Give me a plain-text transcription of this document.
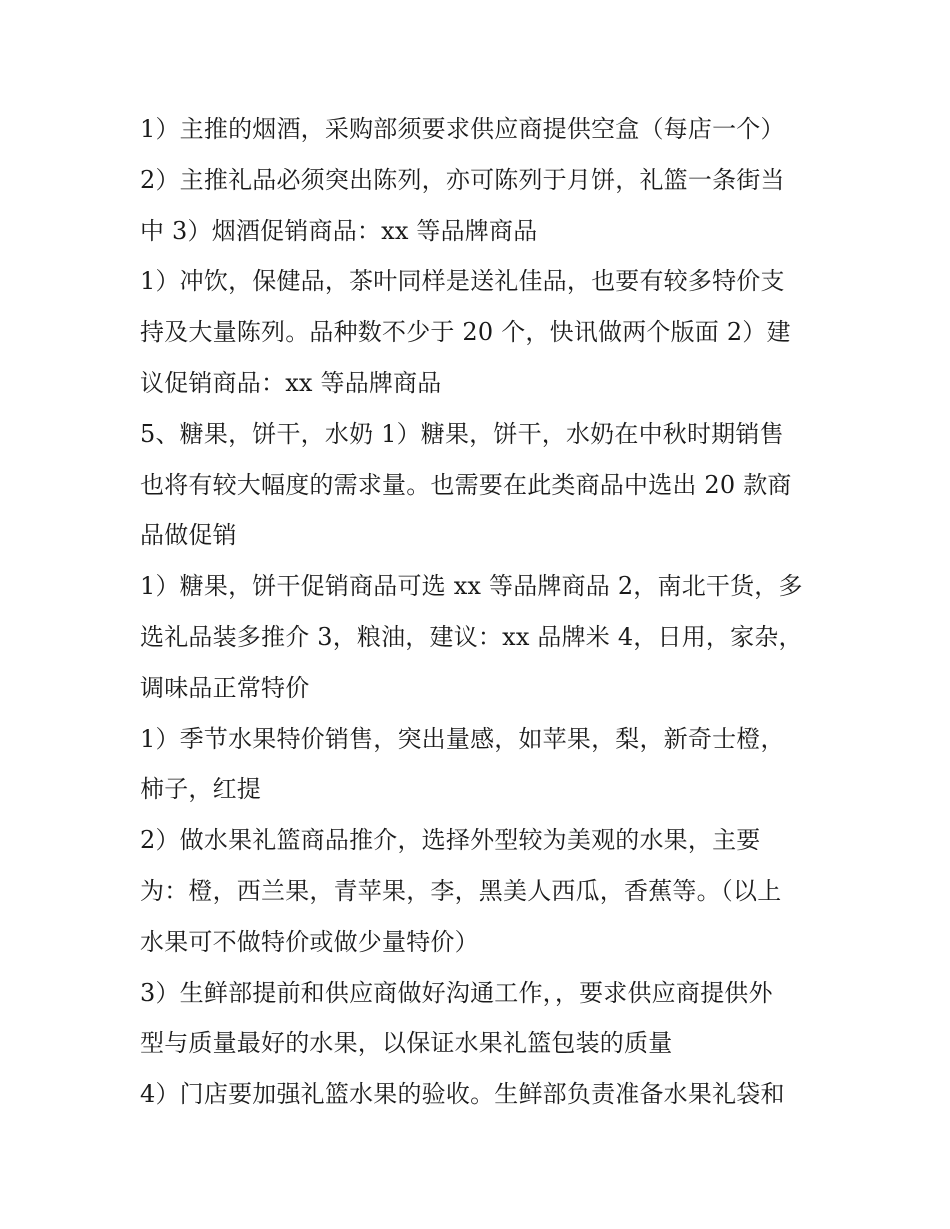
1）主推的烟酒，采购部须要求供应商提供空盒（每店一个）
2）主推礼品必须突出陈列，亦可陈列于月饼，礼篮一条街当
中 3）烟酒促销商品：xx 等品牌商品
1）冲饮，保健品，茶叶同样是送礼佳品，也要有较多特价支
持及大量陈列。品种数不少于 20 个，快讯做两个版面 2）建
议促销商品：xx 等品牌商品
5、糖果，饼干，水奶 1）糖果，饼干，水奶在中秋时期销售
也将有较大幅度的需求量。也需要在此类商品中选出 20 款商
品做促销
1）糖果，饼干促销商品可选 xx 等品牌商品 2，南北干货，多
选礼品装多推介 3，粮油，建议：xx 品牌米 4，日用，家杂，
调味品正常特价
1）季节水果特价销售，突出量感，如苹果，梨，新奇士橙，
柿子，红提
2）做水果礼篮商品推介，选择外型较为美观的水果，主要
为：橙，西兰果，青苹果，李，黑美人西瓜，香蕉等。（以上
水果可不做特价或做少量特价）
3）生鲜部提前和供应商做好沟通工作，，要求供应商提供外
型与质量最好的水果，以保证水果礼篮包装的质量
4）门店要加强礼篮水果的验收。生鲜部负责准备水果礼袋和
